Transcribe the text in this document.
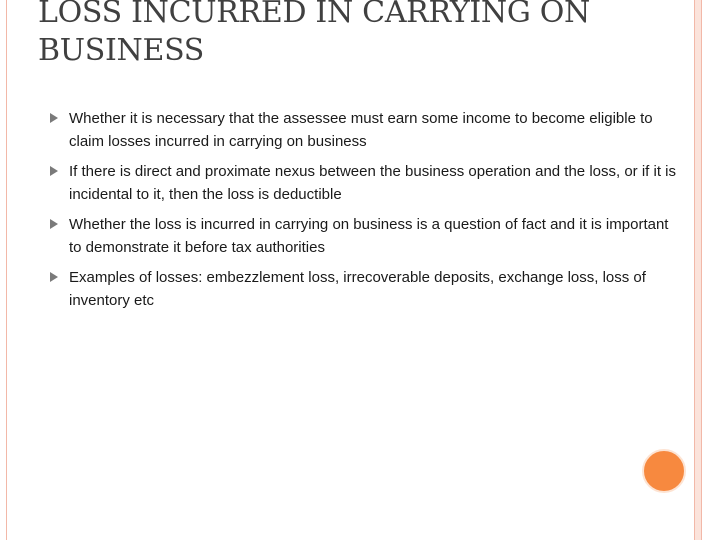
LOSS INCURRED IN CARRYING ON
BUSINESS
Whether it is necessary that the assessee must earn some income to become eligible to claim losses incurred in carrying on business
If there is direct and proximate nexus between the business operation and the loss, or if it is incidental to it, then the loss is deductible
Whether the loss is incurred in carrying on business is a question of fact and it is important to demonstrate it before tax authorities
Examples of losses: embezzlement loss, irrecoverable deposits, exchange loss, loss of inventory etc
